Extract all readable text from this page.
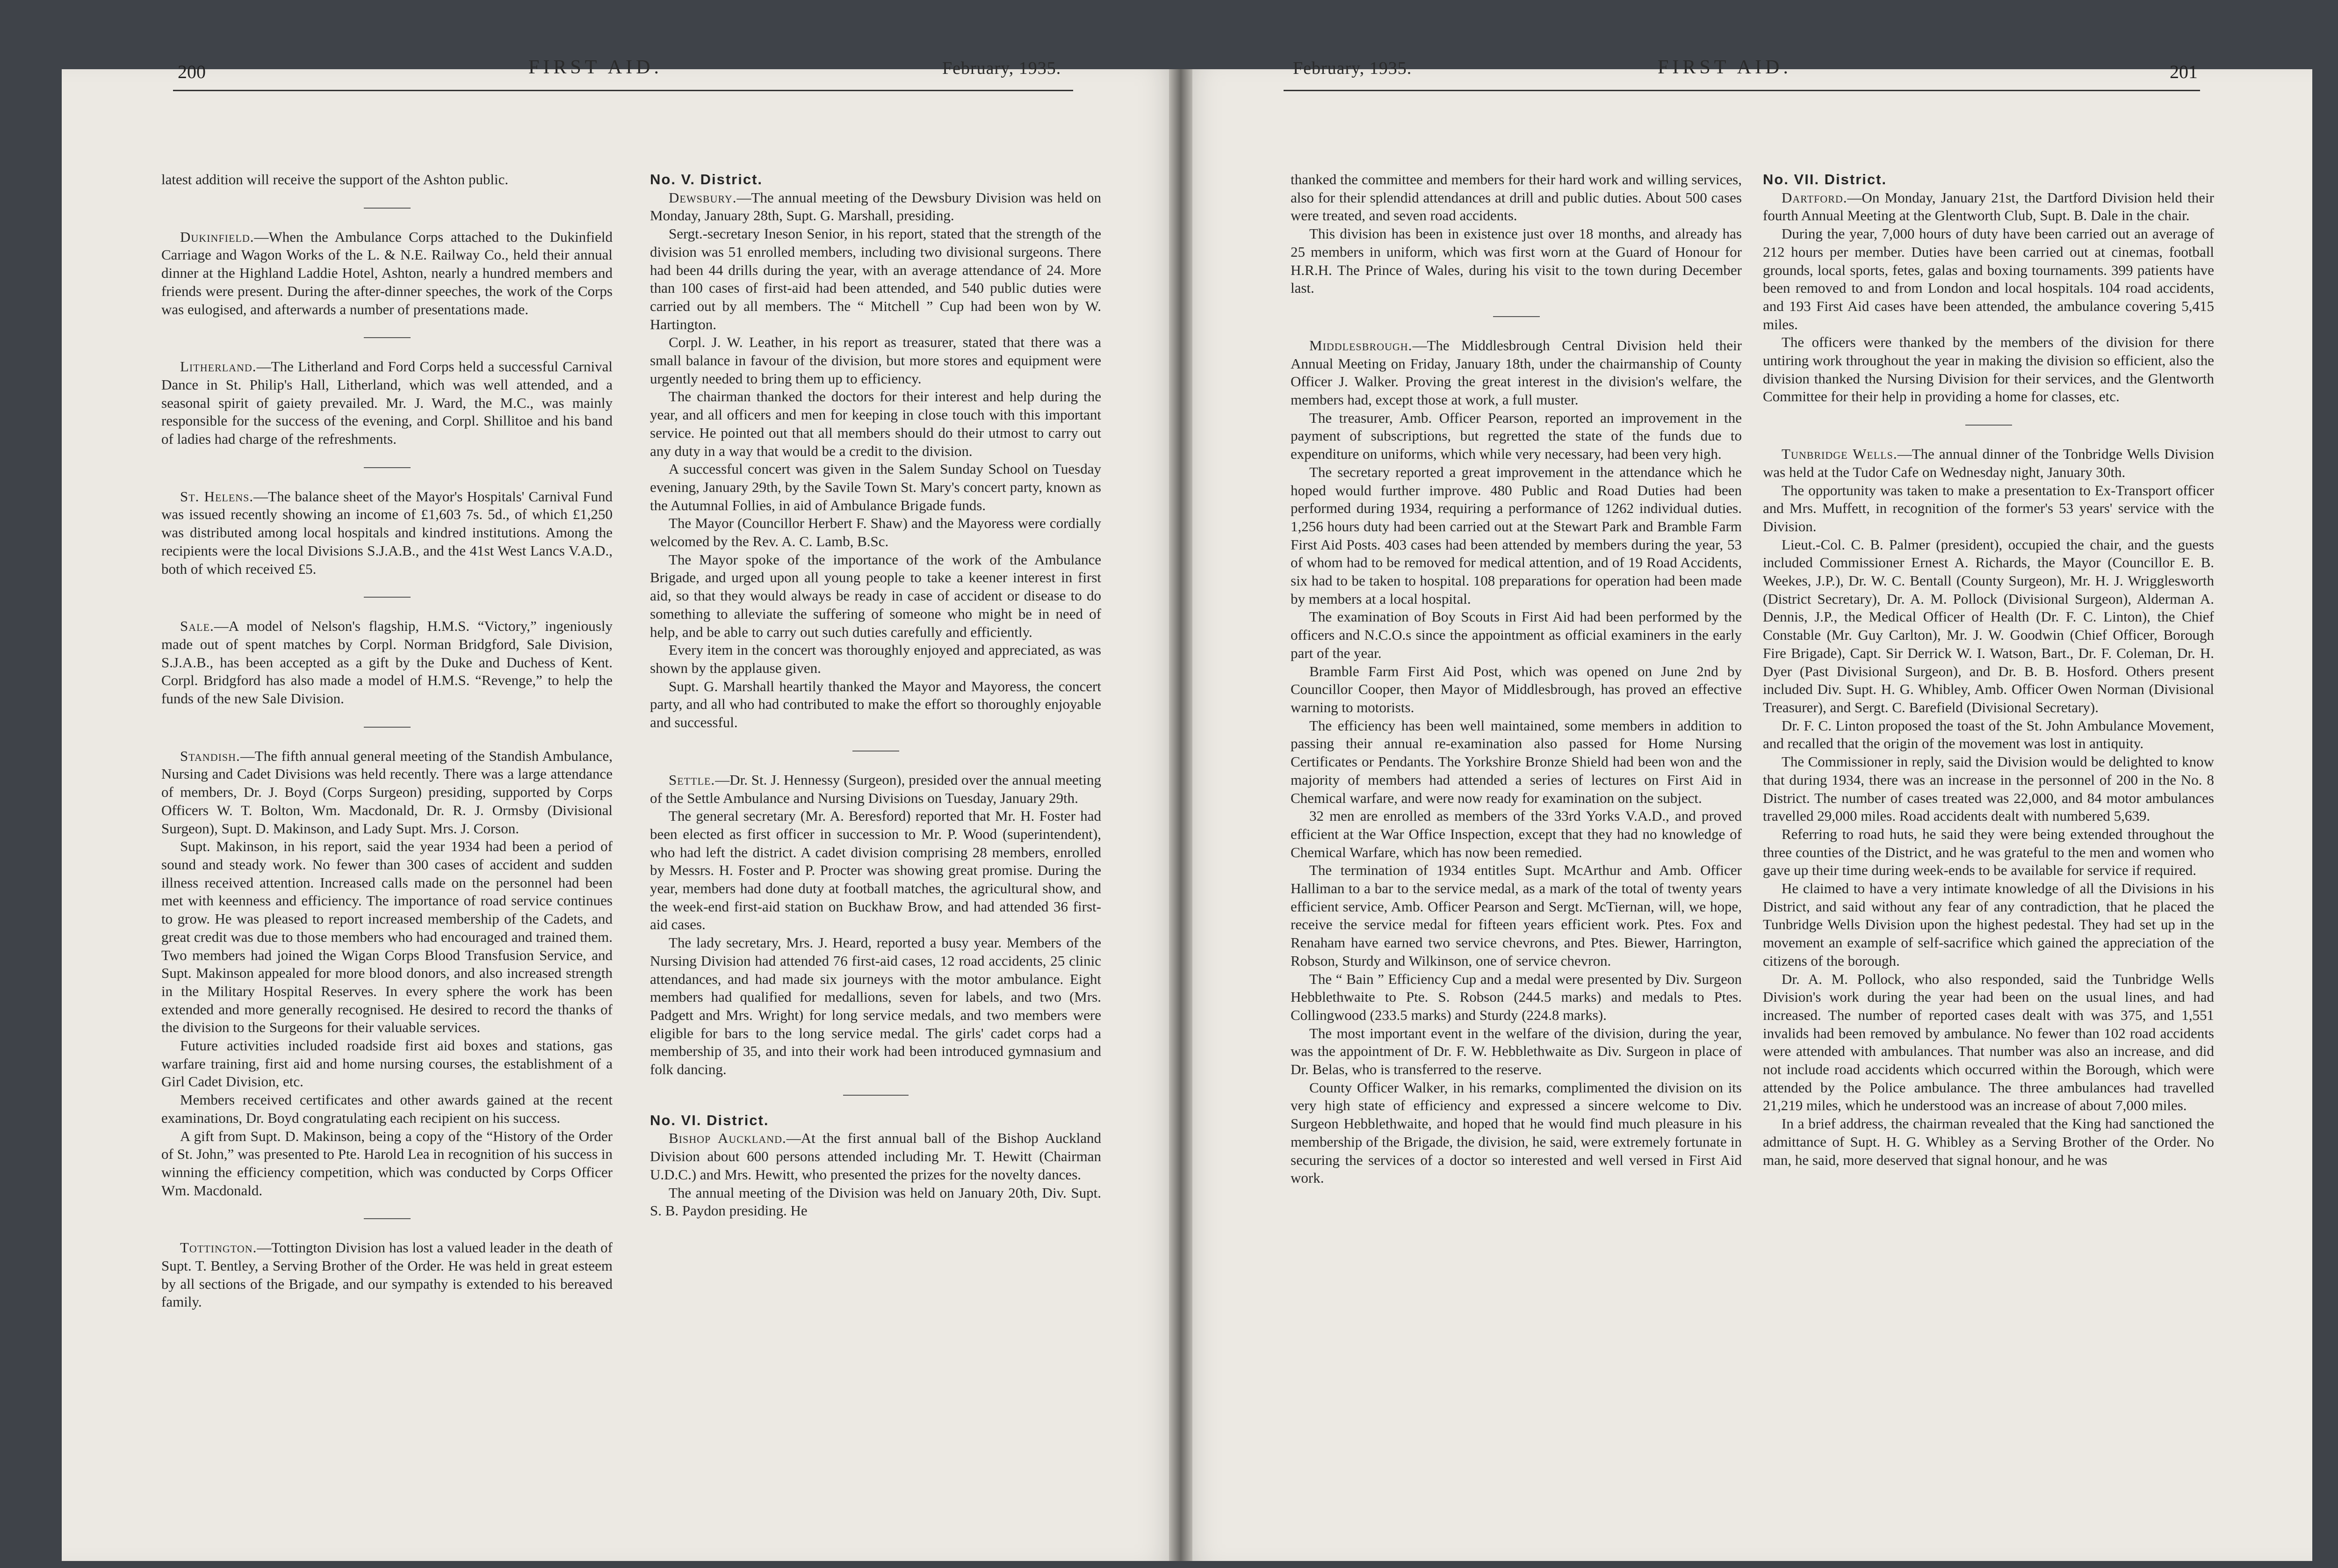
200	FIRST AID.	February, 1935.	February, 1935.	FIRST AID.	201

latest addition will receive the support of the Ashton public.

Dukinfield.—When the Ambulance Corps attached to the Dukinfield Carriage and Wagon Works of the L. & N.E. Railway Co., held their annual dinner at the Highland Laddie Hotel, Ashton, nearly a hundred members and friends were present. During the after-dinner speeches, the work of the Corps was eulogised, and afterwards a number of presentations made.

Litherland.—The Litherland and Ford Corps held a successful Carnival Dance in St. Philip's Hall, Litherland, which was well attended, and a seasonal spirit of gaiety prevailed. Mr. J. Ward, the M.C., was mainly responsible for the success of the evening, and Corpl. Shillitoe and his band of ladies had charge of the refreshments.

St. Helens.—The balance sheet of the Mayor's Hospitals' Carnival Fund was issued recently showing an income of £1,603 7s. 5d., of which £1,250 was distributed among local hospitals and kindred institutions. Among the recipients were the local Divisions S.J.A.B., and the 41st West Lancs V.A.D., both of which received £5.

Sale.—A model of Nelson's flagship, H.M.S. “Victory,” ingeniously made out of spent matches by Corpl. Norman Bridgford, Sale Division, S.J.A.B., has been accepted as a gift by the Duke and Duchess of Kent. Corpl. Bridgford has also made a model of H.M.S. “Revenge,” to help the funds of the new Sale Division.

Standish.—The fifth annual general meeting of the Standish Ambulance, Nursing and Cadet Divisions was held recently. There was a large attendance of members, Dr. J. Boyd (Corps Surgeon) presiding, supported by Corps Officers W. T. Bolton, Wm. Macdonald, Dr. R. J. Ormsby (Divisional Surgeon), Supt. D. Makinson, and Lady Supt. Mrs. J. Corson.

Supt. Makinson, in his report, said the year 1934 had been a period of sound and steady work. No fewer than 300 cases of accident and sudden illness received attention. Increased calls made on the personnel had been met with keenness and efficiency. The importance of road service continues to grow. He was pleased to report increased membership of the Cadets, and great credit was due to those members who had encouraged and trained them. Two members had joined the Wigan Corps Blood Transfusion Service, and Supt. Makinson appealed for more blood donors, and also increased strength in the Military Hospital Reserves. In every sphere the work has been extended and more generally recognised. He desired to record the thanks of the division to the Surgeons for their valuable services.

Future activities included roadside first aid boxes and stations, gas warfare training, first aid and home nursing courses, the establishment of a Girl Cadet Division, etc.

Members received certificates and other awards gained at the recent examinations, Dr. Boyd congratulating each recipient on his success.

A gift from Supt. D. Makinson, being a copy of the “History of the Order of St. John,” was presented to Pte. Harold Lea in recognition of his success in winning the efficiency competition, which was conducted by Corps Officer Wm. Macdonald.

Tottington.—Tottington Division has lost a valued leader in the death of Supt. T. Bentley, a Serving Brother of the Order. He was held in great esteem by all sections of the Brigade, and our sympathy is extended to his bereaved family.

No. V. District.

Dewsbury.—The annual meeting of the Dewsbury Division was held on Monday, January 28th, Supt. G. Marshall, presiding.

Sergt.-secretary Ineson Senior, in his report, stated that the strength of the division was 51 enrolled members, including two divisional surgeons. There had been 44 drills during the year, with an average attendance of 24. More than 100 cases of first-aid had been attended, and 540 public duties were carried out by all members. The “ Mitchell ” Cup had been won by W. Hartington.

Corpl. J. W. Leather, in his report as treasurer, stated that there was a small balance in favour of the division, but more stores and equipment were urgently needed to bring them up to efficiency.

The chairman thanked the doctors for their interest and help during the year, and all officers and men for keeping in close touch with this important service. He pointed out that all members should do their utmost to carry out any duty in a way that would be a credit to the division.

A successful concert was given in the Salem Sunday School on Tuesday evening, January 29th, by the Savile Town St. Mary's concert party, known as the Autumnal Follies, in aid of Ambulance Brigade funds.

The Mayor (Councillor Herbert F. Shaw) and the Mayoress were cordially welcomed by the Rev. A. C. Lamb, B.Sc.

The Mayor spoke of the importance of the work of the Ambulance Brigade, and urged upon all young people to take a keener interest in first aid, so that they would always be ready in case of accident or disease to do something to alleviate the suffering of someone who might be in need of help, and be able to carry out such duties carefully and efficiently.

Every item in the concert was thoroughly enjoyed and appreciated, as was shown by the applause given.

Supt. G. Marshall heartily thanked the Mayor and Mayoress, the concert party, and all who had contributed to make the effort so thoroughly enjoyable and successful.

Settle.—Dr. St. J. Hennessy (Surgeon), presided over the annual meeting of the Settle Ambulance and Nursing Divisions on Tuesday, January 29th.

The general secretary (Mr. A. Beresford) reported that Mr. H. Foster had been elected as first officer in succession to Mr. P. Wood (superintendent), who had left the district. A cadet division comprising 28 members, enrolled by Messrs. H. Foster and P. Procter was showing great promise. During the year, members had done duty at football matches, the agricultural show, and the week-end first-aid station on Buckhaw Brow, and had attended 36 first-aid cases.

The lady secretary, Mrs. J. Heard, reported a busy year. Members of the Nursing Division had attended 76 first-aid cases, 12 road accidents, 25 clinic attendances, and had made six journeys with the motor ambulance. Eight members had qualified for medallions, seven for labels, and two (Mrs. Padgett and Mrs. Wright) for long service medals, and two members were eligible for bars to the long service medal. The girls' cadet corps had a membership of 35, and into their work had been introduced gymnasium and folk dancing.

No. VI. District.

Bishop Auckland.—At the first annual ball of the Bishop Auckland Division about 600 persons attended including Mr. T. Hewitt (Chairman U.D.C.) and Mrs. Hewitt, who presented the prizes for the novelty dances.

The annual meeting of the Division was held on January 20th, Div. Supt. S. B. Paydon presiding. He

thanked the committee and members for their hard work and willing services, also for their splendid attendances at drill and public duties. About 500 cases were treated, and seven road accidents.

This division has been in existence just over 18 months, and already has 25 members in uniform, which was first worn at the Guard of Honour for H.R.H. The Prince of Wales, during his visit to the town during December last.

Middlesbrough.—The Middlesbrough Central Division held their Annual Meeting on Friday, January 18th, under the chairmanship of County Officer J. Walker. Proving the great interest in the division's welfare, the members had, except those at work, a full muster.

The treasurer, Amb. Officer Pearson, reported an improvement in the payment of subscriptions, but regretted the state of the funds due to expenditure on uniforms, which while very necessary, had been very high.

The secretary reported a great improvement in the attendance which he hoped would further improve. 480 Public and Road Duties had been performed during 1934, requiring a performance of 1262 individual duties. 1,256 hours duty had been carried out at the Stewart Park and Bramble Farm First Aid Posts. 403 cases had been attended by members during the year, 53 of whom had to be removed for medical attention, and of 19 Road Accidents, six had to be taken to hospital. 108 preparations for operation had been made by members at a local hospital.

The examination of Boy Scouts in First Aid had been performed by the officers and N.C.O.s since the appointment as official examiners in the early part of the year.

Bramble Farm First Aid Post, which was opened on June 2nd by Councillor Cooper, then Mayor of Middlesbrough, has proved an effective warning to motorists.

The efficiency has been well maintained, some members in addition to passing their annual re-examination also passed for Home Nursing Certificates or Pendants. The Yorkshire Bronze Shield had been won and the majority of members had attended a series of lectures on First Aid in Chemical warfare, and were now ready for examination on the subject.

32 men are enrolled as members of the 33rd Yorks V.A.D., and proved efficient at the War Office Inspection, except that they had no knowledge of Chemical Warfare, which has now been remedied.

The termination of 1934 entitles Supt. McArthur and Amb. Officer Halliman to a bar to the service medal, as a mark of the total of twenty years efficient service, Amb. Officer Pearson and Sergt. McTiernan, will, we hope, receive the service medal for fifteen years efficient work. Ptes. Fox and Renaham have earned two service chevrons, and Ptes. Biewer, Harrington, Robson, Sturdy and Wilkinson, one of service chevron.

The “ Bain ” Efficiency Cup and a medal were presented by Div. Surgeon Hebblethwaite to Pte. S. Robson (244.5 marks) and medals to Ptes. Collingwood (233.5 marks) and Sturdy (224.8 marks).

The most important event in the welfare of the division, during the year, was the appointment of Dr. F. W. Hebblethwaite as Div. Surgeon in place of Dr. Belas, who is transferred to the reserve.

County Officer Walker, in his remarks, complimented the division on its very high state of efficiency and expressed a sincere welcome to Div. Surgeon Hebblethwaite, and hoped that he would find much pleasure in his membership of the Brigade, the division, he said, were extremely fortunate in securing the services of a doctor so interested and well versed in First Aid work.

No. VII. District.

Dartford.—On Monday, January 21st, the Dartford Division held their fourth Annual Meeting at the Glentworth Club, Supt. B. Dale in the chair.

During the year, 7,000 hours of duty have been carried out an average of 212 hours per member. Duties have been carried out at cinemas, football grounds, local sports, fetes, galas and boxing tournaments. 399 patients have been removed to and from London and local hospitals. 104 road accidents, and 193 First Aid cases have been attended, the ambulance covering 5,415 miles.

The officers were thanked by the members of the division for there untiring work throughout the year in making the division so efficient, also the division thanked the Nursing Division for their services, and the Glentworth Committee for their help in providing a home for classes, etc.

Tunbridge Wells.—The annual dinner of the Tonbridge Wells Division was held at the Tudor Cafe on Wednesday night, January 30th.

The opportunity was taken to make a presentation to Ex-Transport officer and Mrs. Muffett, in recognition of the former's 53 years' service with the Division.

Lieut.-Col. C. B. Palmer (president), occupied the chair, and the guests included Commissioner Ernest A. Richards, the Mayor (Councillor E. B. Weekes, J.P.), Dr. W. C. Bentall (County Surgeon), Mr. H. J. Wrigglesworth (District Secretary), Dr. A. M. Pollock (Divisional Surgeon), Alderman A. Dennis, J.P., the Medical Officer of Health (Dr. F. C. Linton), the Chief Constable (Mr. Guy Carlton), Mr. J. W. Goodwin (Chief Officer, Borough Fire Brigade), Capt. Sir Derrick W. I. Watson, Bart., Dr. F. Coleman, Dr. H. Dyer (Past Divisional Surgeon), and Dr. B. B. Hosford. Others present included Div. Supt. H. G. Whibley, Amb. Officer Owen Norman (Divisional Treasurer), and Sergt. C. Barefield (Divisional Secretary).

Dr. F. C. Linton proposed the toast of the St. John Ambulance Movement, and recalled that the origin of the movement was lost in antiquity.

The Commissioner in reply, said the Division would be delighted to know that during 1934, there was an increase in the personnel of 200 in the No. 8 District. The number of cases treated was 22,000, and 84 motor ambulances travelled 29,000 miles. Road accidents dealt with numbered 5,639.

Referring to road huts, he said they were being extended throughout the three counties of the District, and he was grateful to the men and women who gave up their time during week-ends to be available for service if required.

He claimed to have a very intimate knowledge of all the Divisions in his District, and said without any fear of any contradiction, that he placed the Tunbridge Wells Division upon the highest pedestal. They had set up in the movement an example of self-sacrifice which gained the appreciation of the citizens of the borough.

Dr. A. M. Pollock, who also responded, said the Tunbridge Wells Division's work during the year had been on the usual lines, and had increased. The number of reported cases dealt with was 375, and 1,551 invalids had been removed by ambulance. No fewer than 102 road accidents were attended with ambulances. That number was also an increase, and did not include road accidents which occurred within the Borough, which were attended by the Police ambulance. The three ambulances had travelled 21,219 miles, which he understood was an increase of about 7,000 miles.

In a brief address, the chairman revealed that the King had sanctioned the admittance of Supt. H. G. Whibley as a Serving Brother of the Order. No man, he said, more deserved that signal honour, and he was
